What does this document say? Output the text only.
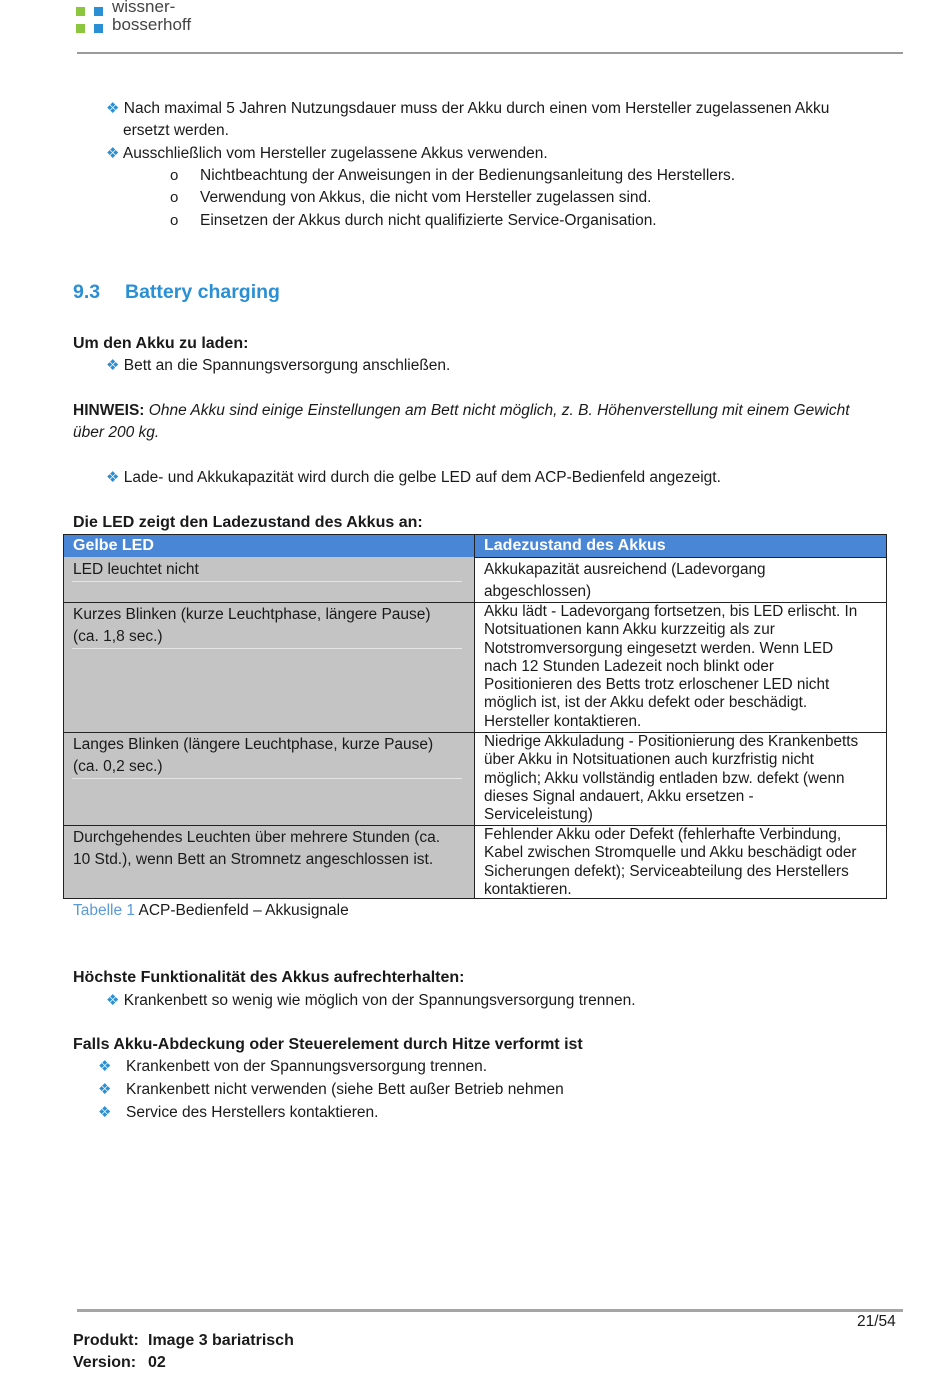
wissner-
bosserhoff
❖ Nach maximal 5 Jahren Nutzungsdauer muss der Akku durch einen vom Hersteller zugelassenen Akku
ersetzt werden.
❖ Ausschließlich vom Hersteller zugelassene Akkus verwenden.
o Nichtbeachtung der Anweisungen in der Bedienungsanleitung des Herstellers.
o Verwendung von Akkus, die nicht vom Hersteller zugelassen sind.
o Einsetzen der Akkus durch nicht qualifizierte Service-Organisation.
9.3 Battery charging
Um den Akku zu laden:
❖ Bett an die Spannungsversorgung anschließen.
HINWEIS: Ohne Akku sind einige Einstellungen am Bett nicht möglich, z. B. Höhenverstellung mit einem Gewicht
über 200 kg.
❖ Lade- und Akkukapazität wird durch die gelbe LED auf dem ACP-Bedienfeld angezeigt.
Die LED zeigt den Ladezustand des Akkus an:
Gelbe LED	Ladezustand des Akkus
LED leuchtet nicht	Akkukapazität ausreichend (Ladevorgang
abgeschlossen)
Kurzes Blinken (kurze Leuchtphase, längere Pause)
(ca. 1,8 sec.)
Akku lädt - Ladevorgang fortsetzen, bis LED erlischt. In
Notsituationen kann Akku kurzzeitig als zur
Notstromversorgung eingesetzt werden. Wenn LED
nach 12 Stunden Ladezeit noch blinkt oder
Positionieren des Betts trotz erloschener LED nicht
möglich ist, ist der Akku defekt oder beschädigt.
Hersteller kontaktieren.
Langes Blinken (längere Leuchtphase, kurze Pause)
(ca. 0,2 sec.)
Niedrige Akkuladung - Positionierung des Krankenbetts
über Akku in Notsituationen auch kurzfristig nicht
möglich; Akku vollständig entladen bzw. defekt (wenn
dieses Signal andauert, Akku ersetzen -
Serviceleistung)
Durchgehendes Leuchten über mehrere Stunden (ca.
10 Std.), wenn Bett an Stromnetz angeschlossen ist.
Fehlender Akku oder Defekt (fehlerhafte Verbindung,
Kabel zwischen Stromquelle und Akku beschädigt oder
Sicherungen defekt); Serviceabteilung des Herstellers
kontaktieren.
Tabelle 1 ACP-Bedienfeld – Akkusignale
Höchste Funktionalität des Akkus aufrechterhalten:
❖ Krankenbett so wenig wie möglich von der Spannungsversorgung trennen.
Falls Akku-Abdeckung oder Steuerelement durch Hitze verformt ist
❖ Krankenbett von der Spannungsversorgung trennen.
❖ Krankenbett nicht verwenden (siehe Bett außer Betrieb nehmen
❖ Service des Herstellers kontaktieren.
21/54
Produkt: Image 3 bariatrisch
Version: 02
